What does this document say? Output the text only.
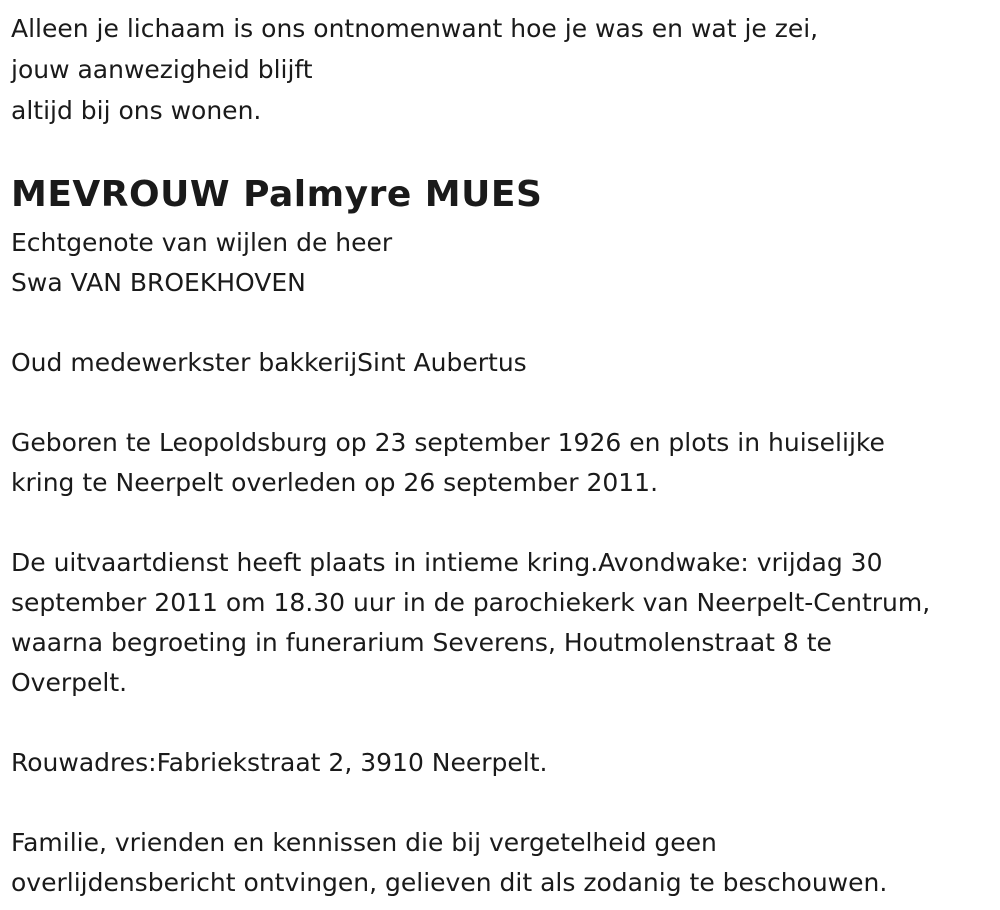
Alleen je lichaam is ons ontnomenwant hoe je was en wat je zei,
jouw aanwezigheid blijft
altijd bij ons wonen.
MEVROUW Palmyre MUES
Echtgenote van wijlen de heer
Swa VAN BROEKHOVEN
Oud medewerkster bakkerijSint Aubertus
Geboren te Leopoldsburg op 23 september 1926 en plots in huiselijke
kring te Neerpelt overleden op 26 september 2011.
De uitvaartdienst heeft plaats in intieme kring.Avondwake: vrijdag 30
september 2011 om 18.30 uur in de parochiekerk van Neerpelt-Centrum,
waarna begroeting in funerarium Severens, Houtmolenstraat 8 te
Overpelt.
Rouwadres:Fabriekstraat 2, 3910 Neerpelt.
Familie, vrienden en kennissen die bij vergetelheid geen
overlijdensbericht ontvingen, gelieven dit als zodanig te beschouwen.
